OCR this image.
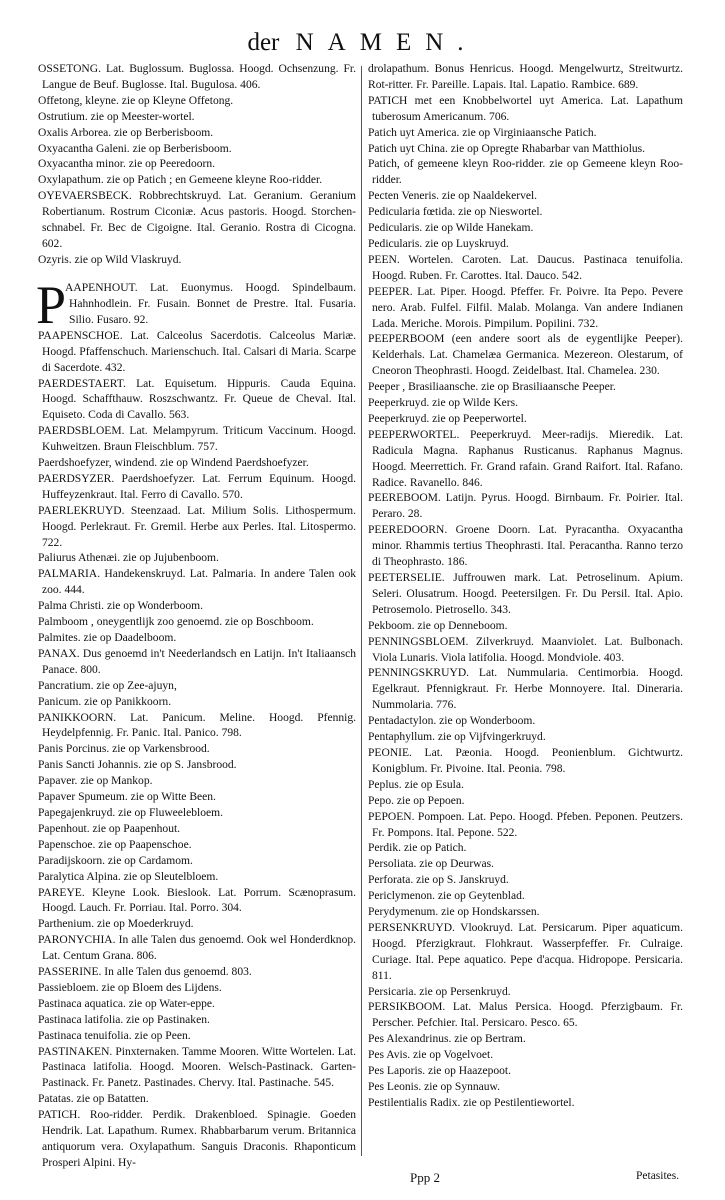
der NAMEN.
OSSETONG. Lat. Buglossum. Buglossa. Hoogd. Ochsenzung. Fr. Langue de Beuf. Buglosse. Ital. Bugulosa. 406.
Offetong, kleyne. zie op Kleyne Offetong.
Ostrutium. zie op Meester-wortel.
Oxalis Arborea. zie op Berberisboom.
Oxyacantha Galeni. zie op Berberisboom.
Oxyacantha minor. zie op Peeredoorn.
Oxylapathum. zie op Patich ; en Gemeene kleyne Roo-ridder.
OYEVAERSBECK. Robbrechtskruyd. Lat. Geranium. Geranium Robertianum. Rostrum Ciconiæ. Acus pastoris. Hoogd. Storchen-schnabel. Fr. Bec de Cigoigne. Ital. Geranio. Rostra di Cicogna. 602.
Ozyris. zie op Wild Vlaskruyd.
PAAPENHOUT. Lat. Euonymus. Hoogd. Spindelbaum. Hahnhodlein. Fr. Fusain. Bonnet de Prestre. Ital. Fusaria. Silio. Fusaro. 92.
PAAPENSCHOE. Lat. Calceolus Sacerdotis. Calceolus Mariæ. Hoogd. Pfaffenschuch. Marienschuch. Ital. Calsari di Maria. Scarpe di Sacerdote. 432.
PAERDESTAERT. Lat. Equisetum. Hippuris. Cauda Equina. Hoogd. Schaffthauw. Roszschwantz. Fr. Queue de Cheval. Ital. Equiseto. Coda di Cavallo. 563.
PAERDSBLOEM. Lat. Melampyrum. Triticum Vaccinum. Hoogd. Kuhweitzen. Braun Fleischblum. 757.
Paerdshoefyzer, windend. zie op Windend Paerdshoefyzer.
PAERDSYZER. Paerdshoefyzer. Lat. Ferrum Equinum. Hoogd. Huffeyzenkraut. Ital. Ferro di Cavallo. 570.
PAERLEKRUYD. Steenzaad. Lat. Milium Solis. Lithospermum. Hoogd. Perlekraut. Fr. Gremil. Herbe aux Perles. Ital. Litospermo. 722.
Paliurus Athenæi. zie op Jujubenboom.
PALMARIA. Handekenskruyd. Lat. Palmaria. In andere Talen ook zoo. 444.
Palma Christi. zie op Wonderboom.
Palmboom , oneygentlijk zoo genoemd. zie op Boschboom.
Palmites. zie op Daadelboom.
PANAX. Dus genoemd in't Neederlandsch en Latijn. In't Italiaansch Panace. 800.
Pancratium. zie op Zee-ajuyn,
Panicum. zie op Panikkoorn.
PANIKKOORN. Lat. Panicum. Meline. Hoogd. Pfennig. Heydelpfennig. Fr. Panic. Ital. Panico. 798.
Panis Porcinus. zie op Varkensbrood.
Panis Sancti Johannis. zie op S. Jansbrood.
Papaver. zie op Mankop.
Papaver Spumeum. zie op Witte Been.
Papegajenkruyd. zie op Fluweelebloem.
Papenhout. zie op Paapenhout.
Papenschoe. zie op Paapenschoe.
Paradijskoorn. zie op Cardamom.
Paralytica Alpina. zie op Sleutelbloem.
PAREYE. Kleyne Look. Bieslook. Lat. Porrum. Scænoprasum. Hoogd. Lauch. Fr. Porriau. Ital. Porro. 304.
Parthenium. zie op Moederkruyd.
PARONYCHIA. In alle Talen dus genoemd. Ook wel Honderdknop. Lat. Centum Grana. 806.
PASSERINE. In alle Talen dus genoemd. 803.
Passiebloem. zie op Bloem des Lijdens.
Pastinaca aquatica. zie op Water-eppe.
Pastinaca latifolia. zie op Pastinaken.
Pastinaca tenuifolia. zie op Peen.
PASTINAKEN. Pinxternaken. Tamme Mooren. Witte Wortelen. Lat. Pastinaca latifolia. Hoogd. Mooren. Welsch-Pastinack. Garten-Pastinack. Fr. Panetz. Pastinades. Chervy. Ital. Pastinache. 545.
Patatas. zie op Batatten.
PATICH. Roo-ridder. Perdik. Drakenbloed. Spinagie. Goeden Hendrik. Lat. Lapathum. Rumex. Rhabbarbarum verum. Britannica antiquorum vera. Oxylapathum. Sanguis Draconis. Rhaponticum Prosperi Alpini. Hy-
drolapathum. Bonus Henricus. Hoogd. Mengelwurtz, Streitwurtz. Rot-ritter. Fr. Pareille. Lapais. Ital. Lapatio. Rambice. 689.
PATICH met een Knobbelwortel uyt America. Lat. Lapathum tuberosum Americanum. 706.
Patich uyt America. zie op Virginiaansche Patich.
Patich uyt China. zie op Opregte Rhabarbar van Matthiolus.
Patich, of gemeene kleyn Roo-ridder. zie op Gemeene kleyn Roo-ridder.
Pecten Veneris. zie op Naaldekervel.
Pedicularia fœtida. zie op Nieswortel.
Pedicularis. zie op Wilde Hanekam.
Pedicularis. zie op Luyskruyd.
PEEN. Wortelen. Caroten. Lat. Daucus. Pastinaca tenuifolia. Hoogd. Ruben. Fr. Carottes. Ital. Dauco. 542.
PEEPER. Lat. Piper. Hoogd. Pfeffer. Fr. Poivre. Ita Pepo. Pevere nero. Arab. Fulfel. Filfil. Malab. Molanga. Van andere Indianen Lada. Meriche. Morois. Pimpilum. Popilini. 732.
PEEPERBOOM (een andere soort als de eygentlijke Peeper). Kelderhals. Lat. Chamelæa Germanica. Mezereon. Olestarum, of Cneoron Theophrasti. Hoogd. Zeidelbast. Ital. Chamelea. 230.
Peeper , Brasiliaansche. zie op Brasiliaansche Peeper.
Peeperkruyd. zie op Wilde Kers.
Peeperkruyd. zie op Peeperwortel.
PEEPERWORTEL. Peeperkruyd. Meer-radijs. Mieredik. Lat. Radicula Magna. Raphanus Rusticanus. Raphanus Magnus. Hoogd. Meerrettich. Fr. Grand rafain. Grand Raifort. Ital. Rafano. Radice. Ravanello. 846.
PEEREBOOM. Latijn. Pyrus. Hoogd. Birnbaum. Fr. Poirier. Ital. Peraro. 28.
PEEREDOORN. Groene Doorn. Lat. Pyracantha. Oxyacantha minor. Rhammis tertius Theophrasti. Ital. Peracantha. Ranno terzo di Theophrasto. 186.
PEETERSELIE. Juffrouwen mark. Lat. Petroselinum. Apium. Seleri. Olusatrum. Hoogd. Peetersilgen. Fr. Du Persil. Ital. Apio. Petrosemolo. Pietrosello. 343.
Pekboom. zie op Denneboom.
PENNINGSBLOEM. Zilverkruyd. Maanviolet. Lat. Bulbonach. Viola Lunaris. Viola latifolia. Hoogd. Mondviole. 403.
PENNINGSKRUYD. Lat. Nummularia. Centimorbia. Hoogd. Egelkraut. Pfennigkraut. Fr. Herbe Monnoyere. Ital. Dineraria. Nummolaria. 776.
Pentadactylon. zie op Wonderboom.
Pentaphyllum. zie op Vijfvingerkruyd.
PEONIE. Lat. Pæonia. Hoogd. Peonienblum. Gichtwurtz. Konigblum. Fr. Pivoine. Ital. Peonia. 798.
Peplus. zie op Esula.
Pepo. zie op Pepoen.
PEPOEN. Pompoen. Lat. Pepo. Hoogd. Pfeben. Peponen. Peutzers. Fr. Pompons. Ital. Pepone. 522.
Perdik. zie op Patich.
Persoliata. zie op Deurwas.
Perforata. zie op S. Janskruyd.
Periclymenon. zie op Geytenblad.
Perydymenum. zie op Hondskarssen.
PERSENKRUYD. Vlookruyd. Lat. Persicarum. Piper aquaticum. Hoogd. Pferzigkraut. Flohkraut. Wasserpfeffer. Fr. Culraige. Curiage. Ital. Pepe aquatico. Pepe d'acqua. Hidropope. Persicaria. 811.
Persicaria. zie op Persenkruyd.
PERSIKBOOM. Lat. Malus Persica. Hoogd. Pferzigbaum. Fr. Perscher. Pefchier. Ital. Persicaro. Pesco. 65.
Pes Alexandrinus. zie op Bertram.
Pes Avis. zie op Vogelvoet.
Pes Laporis. zie op Haazepoot.
Pes Leonis. zie op Synnauw.
Pestilentialis Radix. zie op Pestilentiewortel.
Ppp 2	Petasites.
